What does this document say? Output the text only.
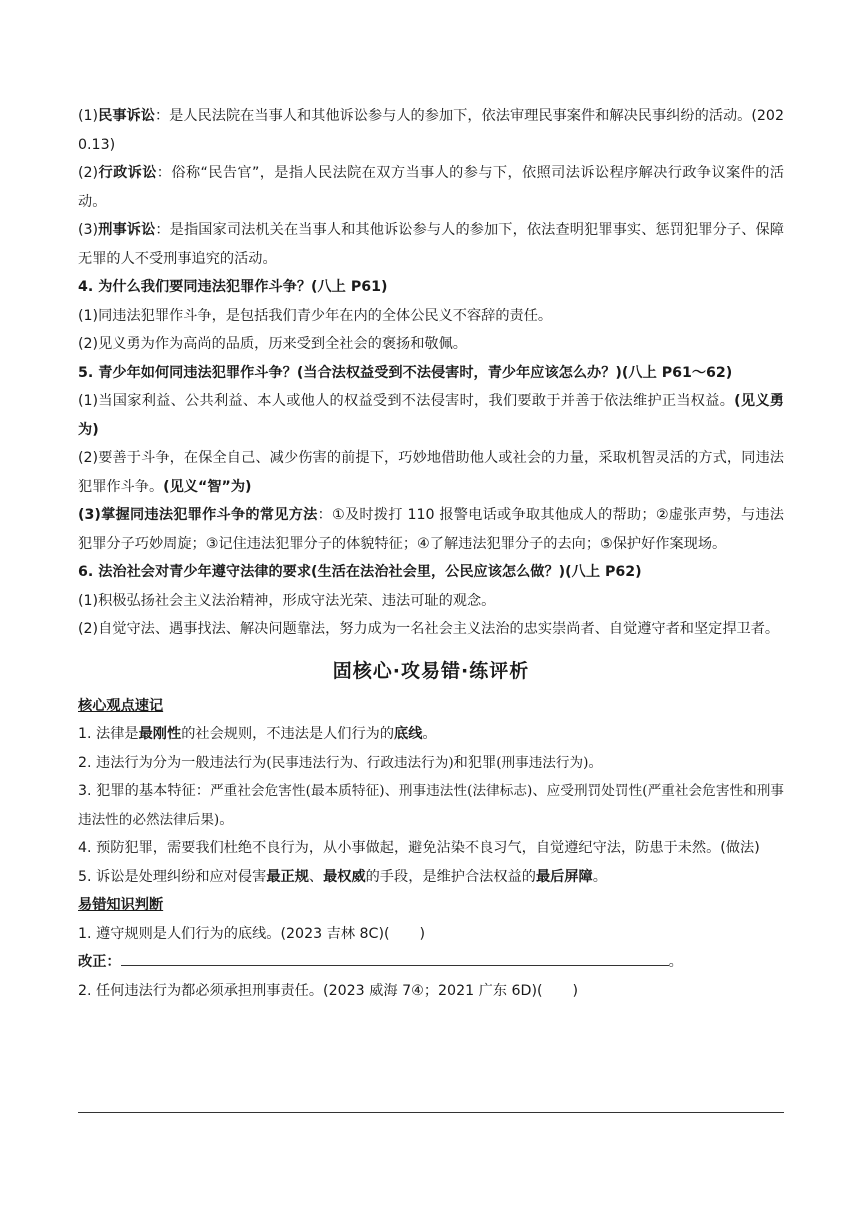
(1)民事诉讼：是人民法院在当事人和其他诉讼参与人的参加下，依法审理民事案件和解决民事纠纷的活动。(2020.13)

(2)行政诉讼：俗称“民告官”，是指人民法院在双方当事人的参与下，依照司法诉讼程序解决行政争议案件的活动。

(3)刑事诉讼：是指国家司法机关在当事人和其他诉讼参与人的参加下，依法查明犯罪事实、惩罚犯罪分子、保障无罪的人不受刑事追究的活动。

4. 为什么我们要同违法犯罪作斗争？(八上 P61)

(1)同违法犯罪作斗争，是包括我们青少年在内的全体公民义不容辞的责任。

(2)见义勇为作为高尚的品质，历来受到全社会的褒扬和敬佩。

5. 青少年如何同违法犯罪作斗争？(当合法权益受到不法侵害时，青少年应该怎么办？)(八上 P61～62)

(1)当国家利益、公共利益、本人或他人的权益受到不法侵害时，我们要敢于并善于依法维护正当权益。(见义勇为)

(2)要善于斗争，在保全自己、减少伤害的前提下，巧妙地借助他人或社会的力量，采取机智灵活的方式，同违法犯罪作斗争。(见义“智”为)

(3)掌握同违法犯罪作斗争的常见方法：①及时拨打 110 报警电话或争取其他成人的帮助；②虚张声势，与违法犯罪分子巧妙周旋；③记住违法犯罪分子的体貌特征；④了解违法犯罪分子的去向；⑤保护好作案现场。

6. 法治社会对青少年遵守法律的要求(生活在法治社会里，公民应该怎么做？)(八上 P62)

(1)积极弘扬社会主义法治精神，形成守法光荣、违法可耻的观念。

(2)自觉守法、遇事找法、解决问题靠法，努力成为一名社会主义法治的忠实崇尚者、自觉遵守者和坚定捍卫者。

固核心·攻易错·练评析
核心观点速记

1. 法律是最刚性的社会规则，不违法是人们行为的底线。

2. 违法行为分为一般违法行为(民事违法行为、行政违法行为)和犯罪(刑事违法行为)。

3. 犯罪的基本特征：严重社会危害性(最本质特征)、刑事违法性(法律标志)、应受刑罚处罚性(严重社会危害性和刑事违法性的必然法律后果)。

4. 预防犯罪，需要我们杜绝不良行为，从小事做起，避免沾染不良习气，自觉遵纪守法，防患于未然。(做法)

5. 诉讼是处理纠纷和应对侵害最正规、最权威的手段，是维护合法权益的最后屏障。

易错知识判断

1. 遵守规则是人们行为的底线。(2023 吉林 8C)( )

改正：	。

2. 任何违法行为都必须承担刑事责任。(2023 威海 7④；2021 广东 6D)( )
